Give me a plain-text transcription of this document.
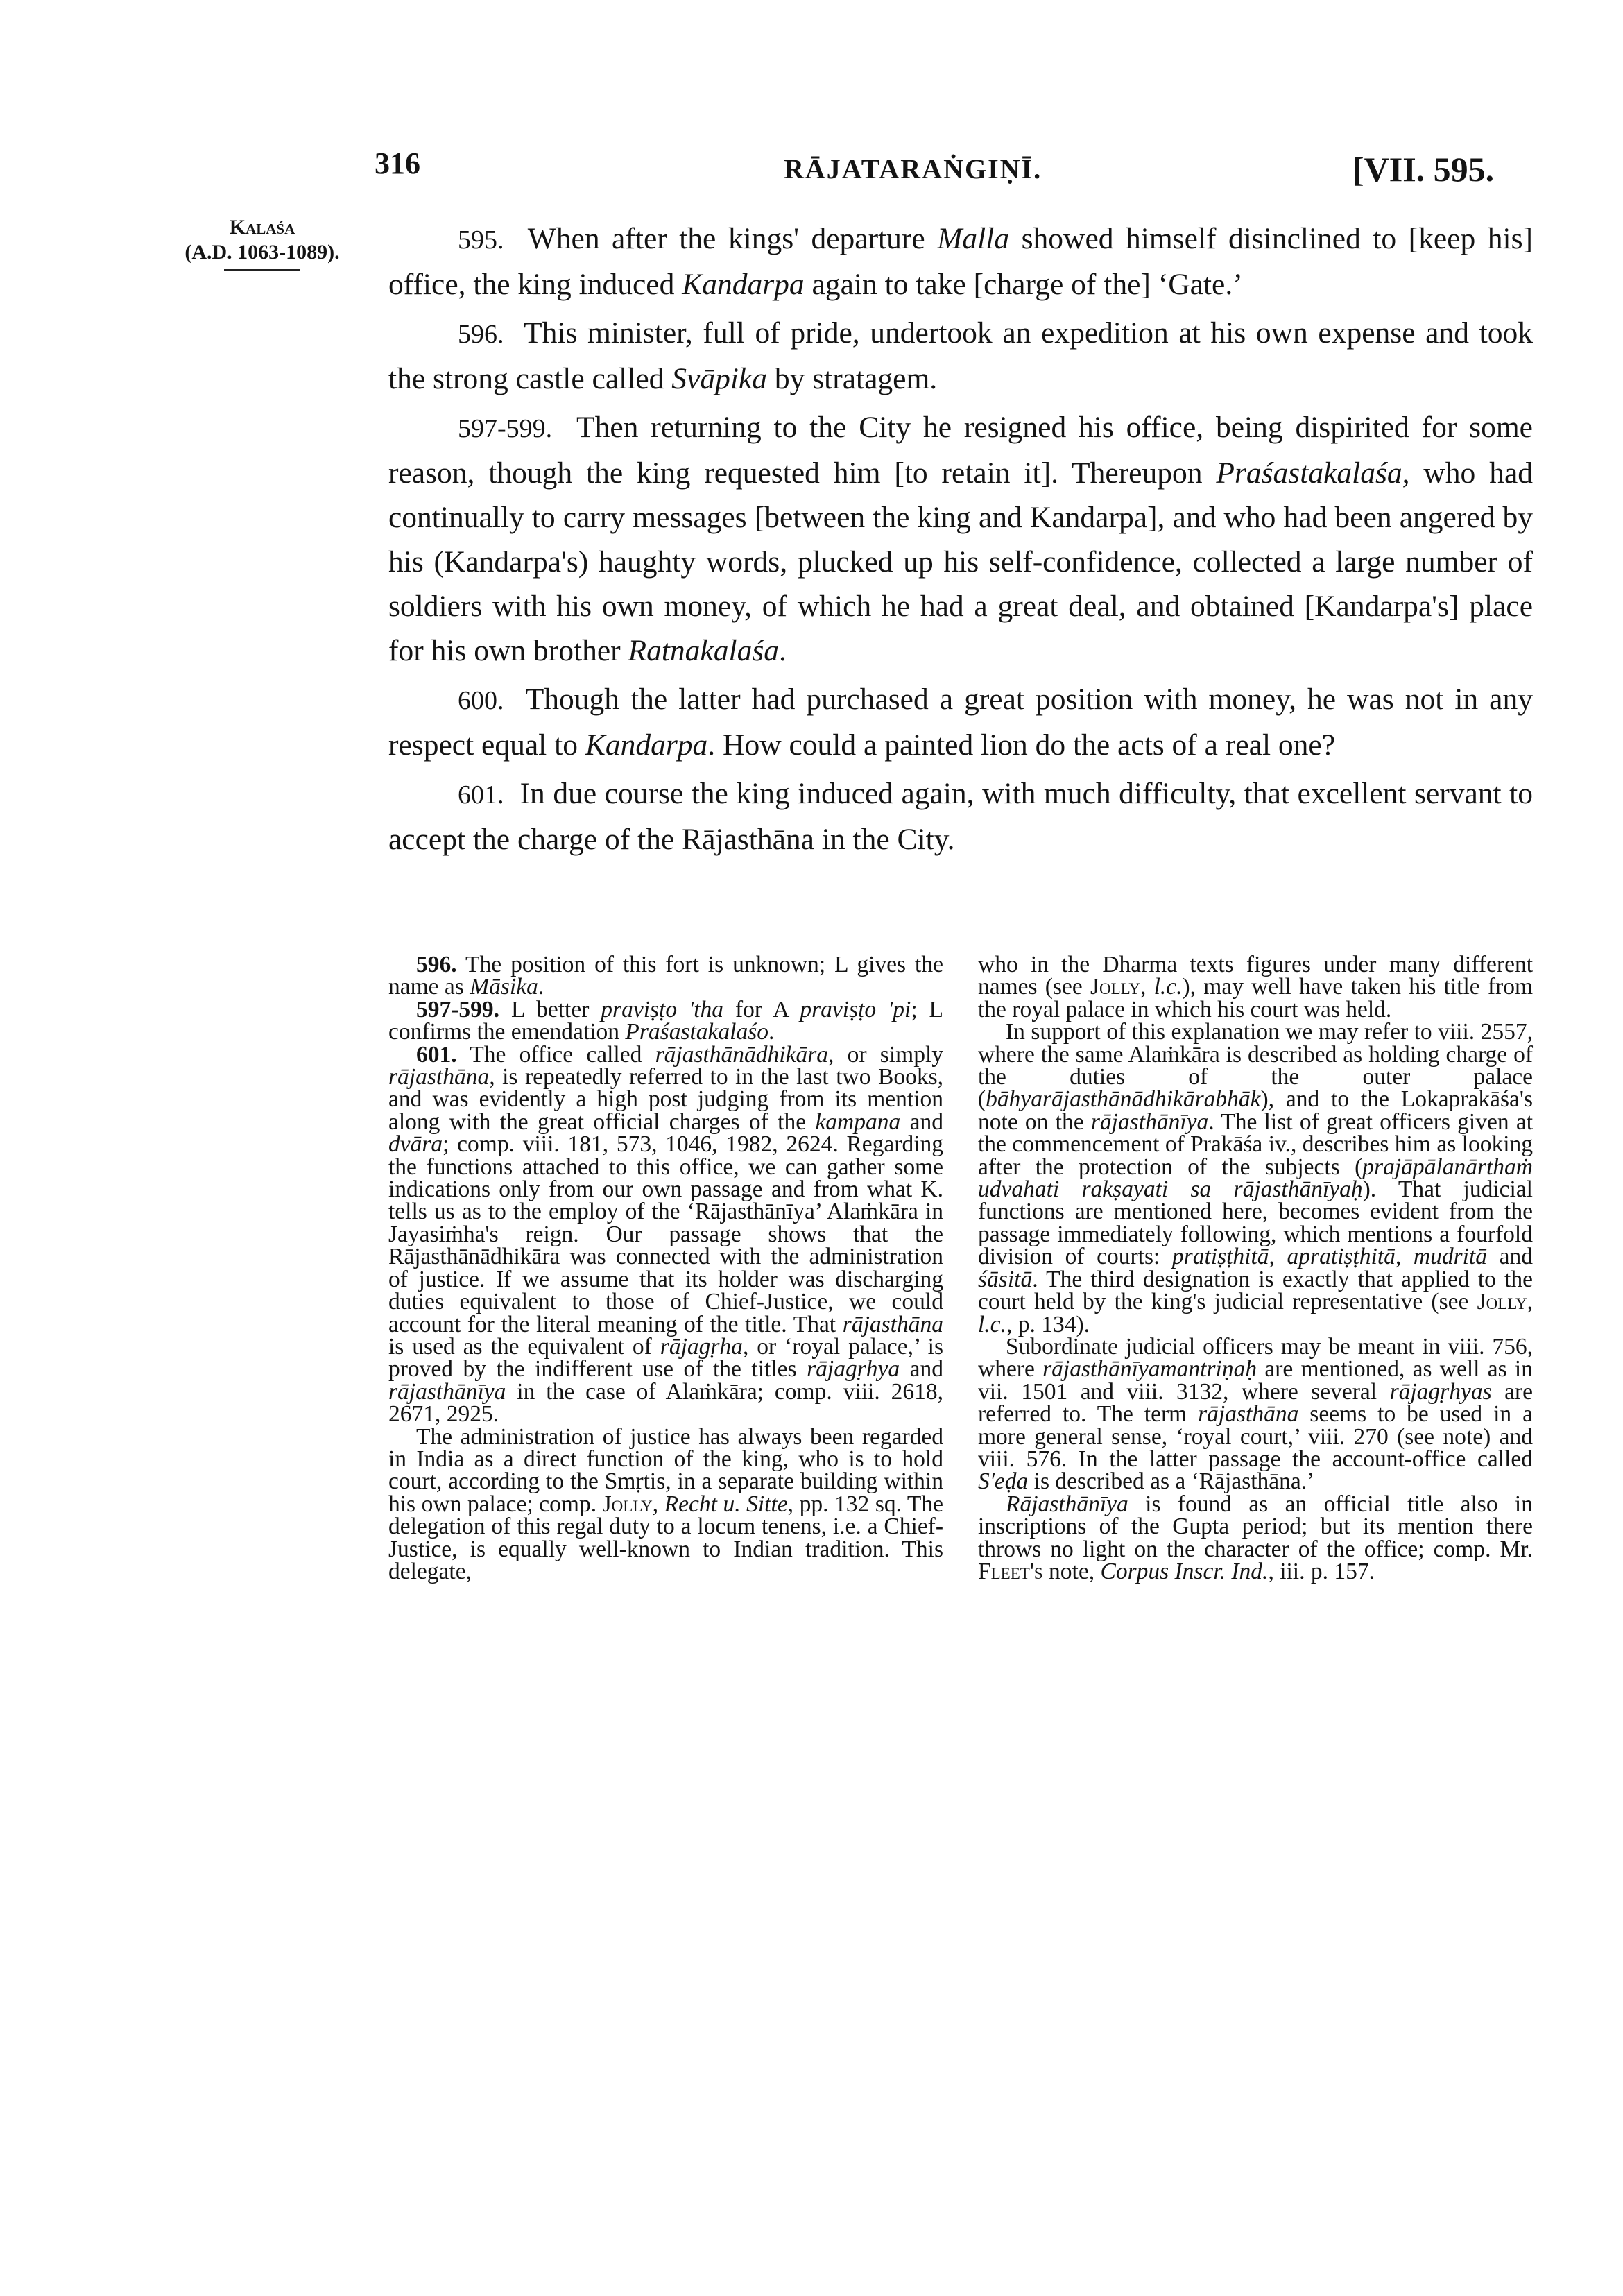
316	RĀJATARAṄGIṆĪ.	[VII. 595.
Kalaśa
(A.D. 1063-1089).	595. When after the kings' departure Malla showed himself disinclined to [keep his] office, the king induced Kandarpa again to take [charge of the] ‘Gate.’

596. This minister, full of pride, undertook an expedition at his own expense and took the strong castle called Svāpika by stratagem.

597-599. Then returning to the City he resigned his office, being dispirited for some reason, though the king requested him [to retain it]. Thereupon Praśastakalaśa, who had continually to carry messages [between the king and Kandarpa], and who had been angered by his (Kandarpa's) haughty words, plucked up his self-confidence, collected a large number of soldiers with his own money, of which he had a great deal, and obtained [Kandarpa's] place for his own brother Ratnakalaśa.

600. Though the latter had purchased a great position with money, he was not in any respect equal to Kandarpa. How could a painted lion do the acts of a real one?

601. In due course the king induced again, with much difficulty, that excellent servant to accept the charge of the Rājasthāna in the City.

596. The position of this fort is unknown; L gives the name as Māsika.

597-599. L better praviṣṭo 'tha for A praviṣṭo 'pi; L confirms the emendation Praśastakalaśo.

601. The office called rājasthānādhikāra, or simply rājasthāna, is repeatedly referred to in the last two Books, and was evidently a high post judging from its mention along with the great official charges of the kampana and dvāra; comp. viii. 181, 573, 1046, 1982, 2624. Regarding the functions attached to this office, we can gather some indications only from our own passage and from what K. tells us as to the employ of the ‘Rājasthānīya’ Alaṁkāra in Jayasiṁha's reign. Our passage shows that the Rājasthānādhikāra was connected with the administration of justice. If we assume that its holder was discharging duties equivalent to those of Chief-Justice, we could account for the literal meaning of the title. That rājasthāna is used as the equivalent of rājagṛha, or ‘royal palace,’ is proved by the indifferent use of the titles rājagṛhya and rājasthānīya in the case of Alaṁkāra; comp. viii. 2618, 2671, 2925.

The administration of justice has always been regarded in India as a direct function of the king, who is to hold court, according to the Smṛtis, in a separate building within his own palace; comp. Jolly, Recht u. Sitte, pp. 132 sq. The delegation of this regal duty to a locum tenens, i.e. a Chief-Justice, is equally well-known to Indian tradition. This delegate,

who in the Dharma texts figures under many different names (see Jolly, l.c.), may well have taken his title from the royal palace in which his court was held.

In support of this explanation we may refer to viii. 2557, where the same Alaṁkāra is described as holding charge of the duties of the outer palace (bāhyarājasthānādhikārabhāk), and to the Lokaprakāśa's note on the rājasthānīya. The list of great officers given at the commencement of Prakāśa iv., describes him as looking after the protection of the subjects (prajāpālanārthaṁ udvahati rakṣayati sa rājasthānīyaḥ). That judicial functions are mentioned here, becomes evident from the passage immediately following, which mentions a fourfold division of courts: pratiṣṭhitā, apratiṣṭhitā, mudritā and śāsitā. The third designation is exactly that applied to the court held by the king's judicial representative (see Jolly, l.c., p. 134).

Subordinate judicial officers may be meant in viii. 756, where rājasthānīyamantriṇaḥ are mentioned, as well as in vii. 1501 and viii. 3132, where several rājagṛhyas are referred to. The term rājasthāna seems to be used in a more general sense, ‘royal court,’ viii. 270 (see note) and viii. 576. In the latter passage the account-office called S'eḍa is described as a ‘Rājasthāna.’

Rājasthānīya is found as an official title also in inscriptions of the Gupta period; but its mention there throws no light on the character of the office; comp. Mr. Fleet's note, Corpus Inscr. Ind., iii. p. 157.
